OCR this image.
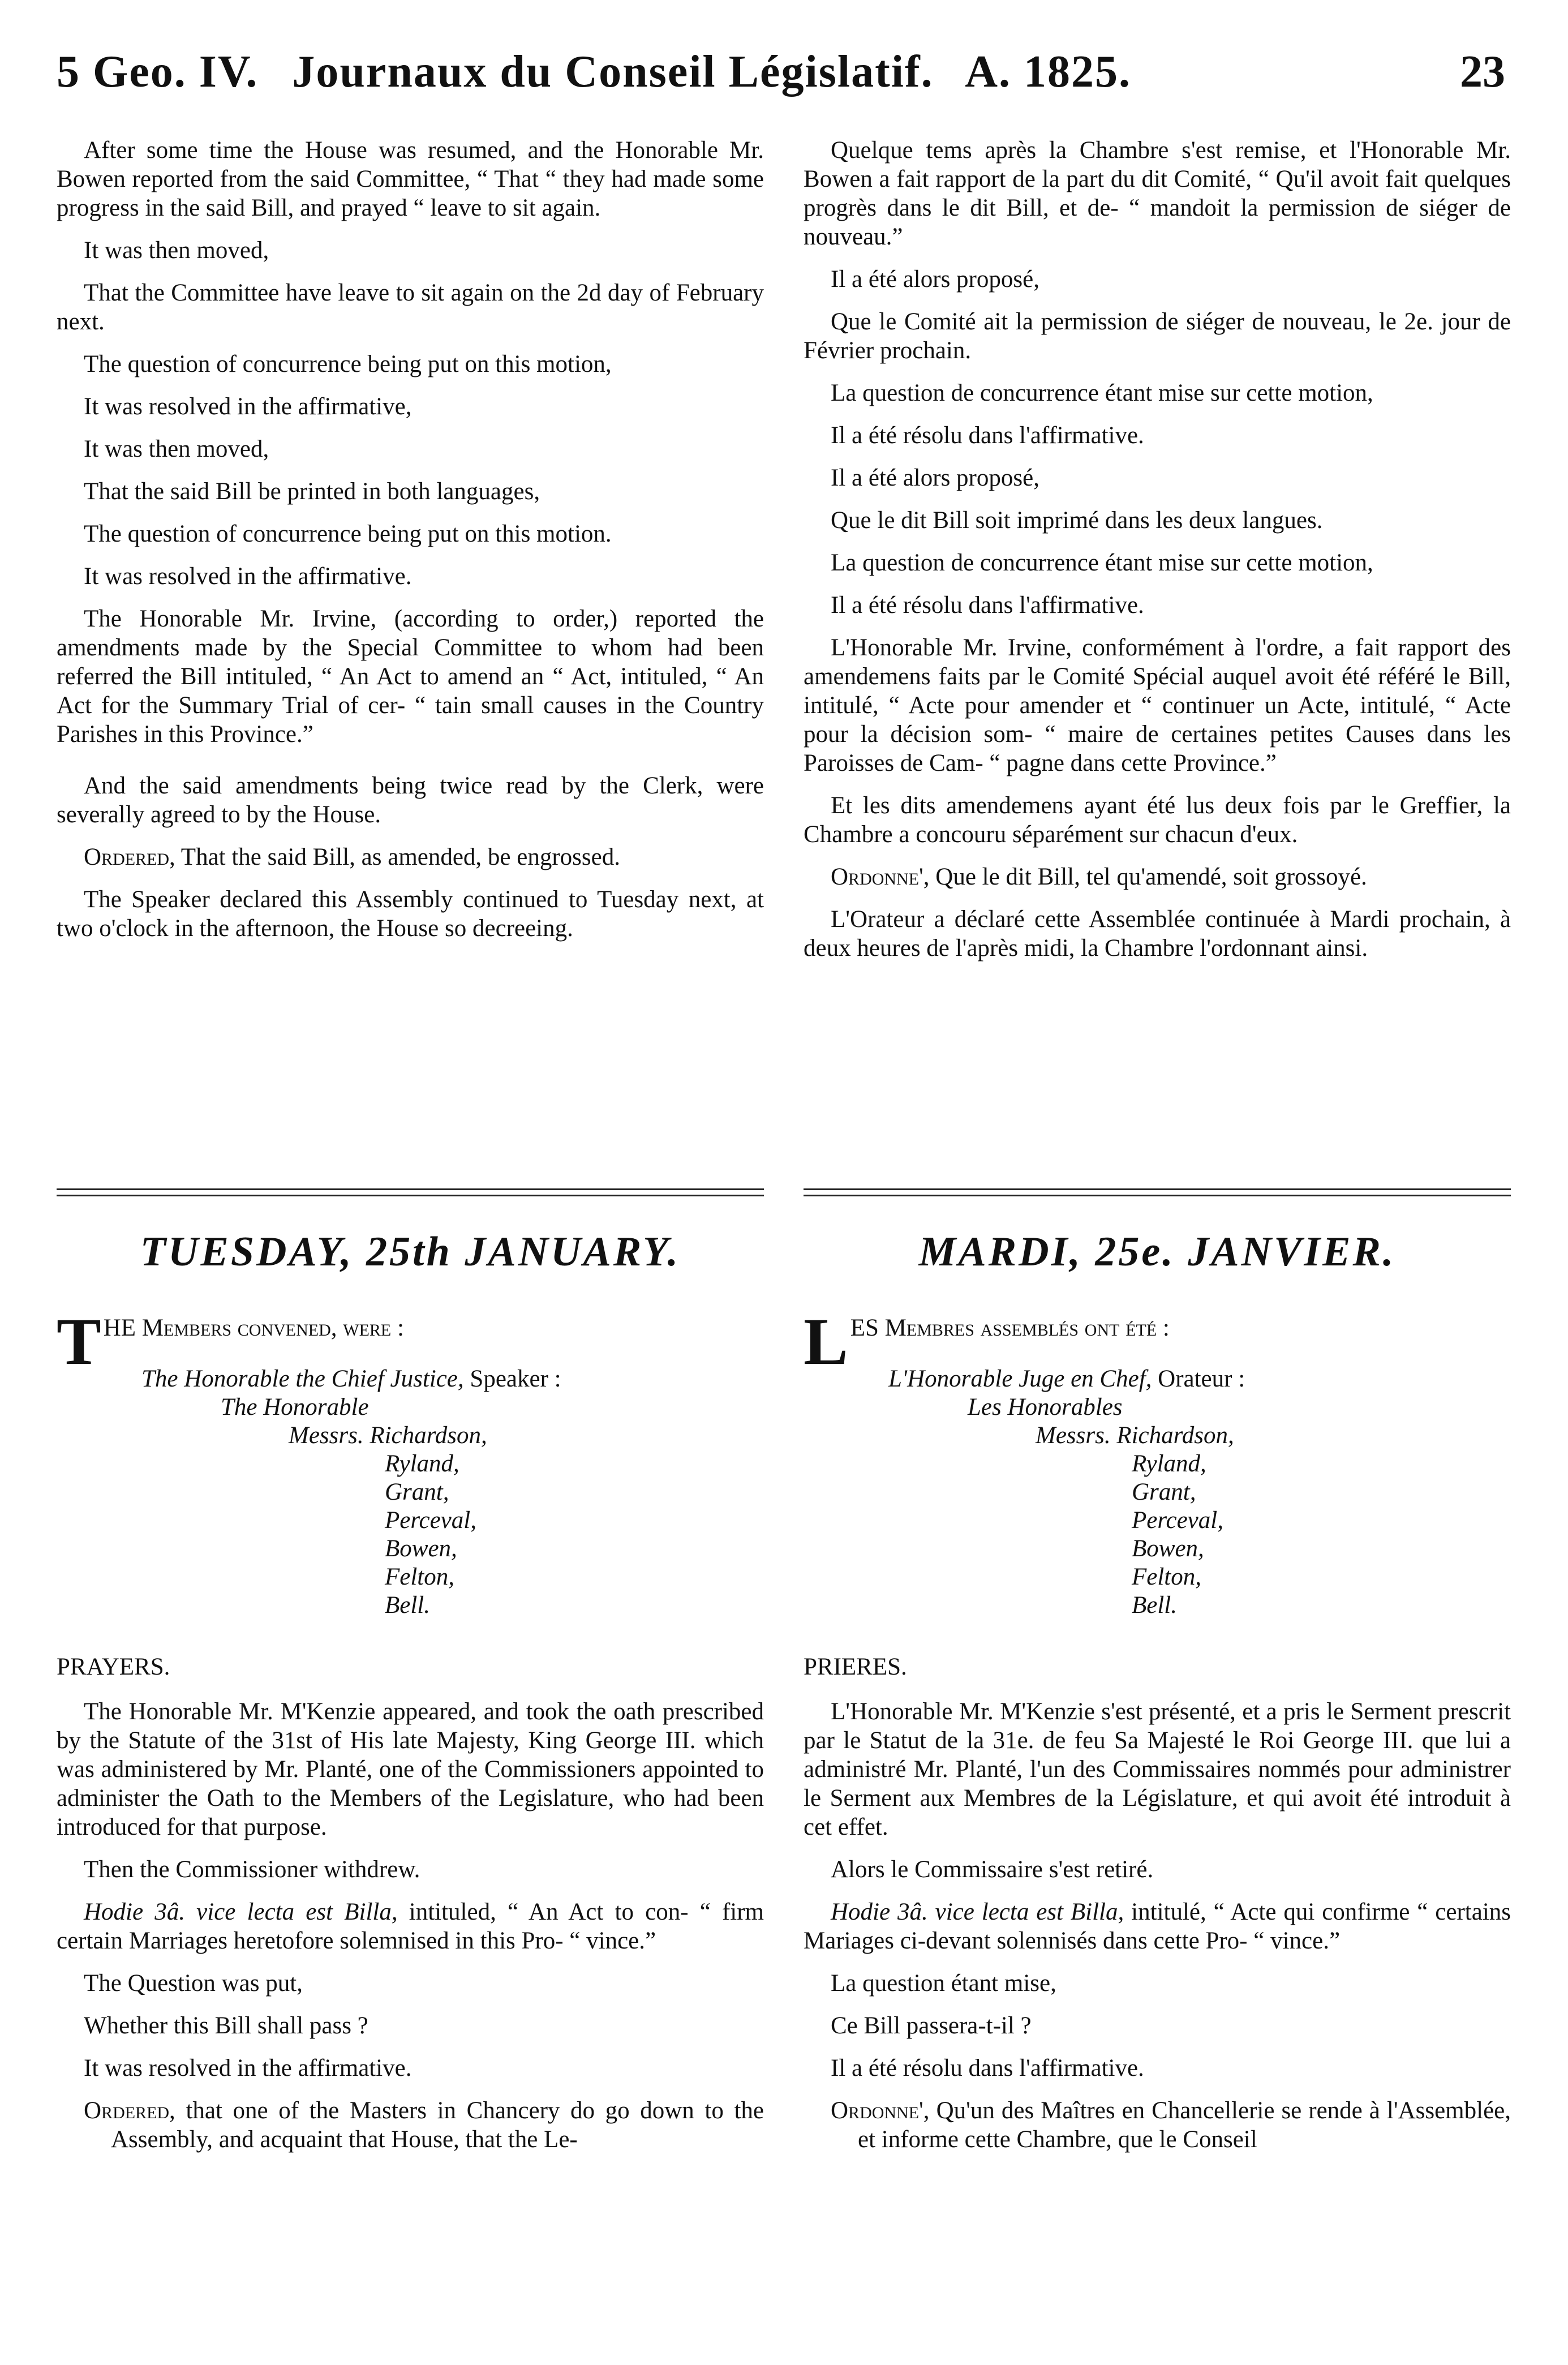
5 Geo. IV. Journaux du Conseil Législatif. A. 1825.	23

After some time the House was resumed, and the Honorable Mr. Bowen reported from the said Committee, “ That “ they had made some progress in the said Bill, and prayed “ leave to sit again.

It was then moved,

That the Committee have leave to sit again on the 2d day of February next.

The question of concurrence being put on this motion,

It was resolved in the affirmative,

It was then moved,

That the said Bill be printed in both languages,

The question of concurrence being put on this motion.

It was resolved in the affirmative.

The Honorable Mr. Irvine, (according to order,) reported the amendments made by the Special Committee to whom had been referred the Bill intituled, “ An Act to amend an “ Act, intituled, “ An Act for the Summary Trial of cer- “ tain small causes in the Country Parishes in this Province.”

And the said amendments being twice read by the Clerk, were severally agreed to by the House.

Ordered, That the said Bill, as amended, be engrossed.

The Speaker declared this Assembly continued to Tuesday next, at two o'clock in the afternoon, the House so decreeing.

Quelque tems après la Chambre s'est remise, et l'Honorable Mr. Bowen a fait rapport de la part du dit Comité, “ Qu'il avoit fait quelques progrès dans le dit Bill, et de- “ mandoit la permission de siéger de nouveau.”

Il a été alors proposé,

Que le Comité ait la permission de siéger de nouveau, le 2e. jour de Février prochain.

La question de concurrence étant mise sur cette motion,

Il a été résolu dans l'affirmative.

Il a été alors proposé,

Que le dit Bill soit imprimé dans les deux langues.

La question de concurrence étant mise sur cette motion,

Il a été résolu dans l'affirmative.

L'Honorable Mr. Irvine, conformément à l'ordre, a fait rapport des amendemens faits par le Comité Spécial auquel avoit été référé le Bill, intitulé, “ Acte pour amender et “ continuer un Acte, intitulé, “ Acte pour la décision som- “ maire de certaines petites Causes dans les Paroisses de Cam- “ pagne dans cette Province.”

Et les dits amendemens ayant été lus deux fois par le Greffier, la Chambre a concouru séparément sur chacun d'eux.

Ordonne', Que le dit Bill, tel qu'amendé, soit grossoyé.

L'Orateur a déclaré cette Assemblée continuée à Mardi prochain, à deux heures de l'après midi, la Chambre l'ordonnant ainsi.

TUESDAY, 25th JANUARY.	MARDI, 25e. JANVIER.
THE Members convened, were :
The Honorable the Chief Justice, Speaker :
The Honorable
Messrs. Richardson,
Ryland,
Grant,
Perceval,
Bowen,
Felton,
Bell.
LES Membres assemblés ont été :
L'Honorable Juge en Chef, Orateur :
Les Honorables
Messrs. Richardson,
Ryland,
Grant,
Perceval,
Bowen,
Felton,
Bell.

PRAYERS.

The Honorable Mr. M'Kenzie appeared, and took the oath prescribed by the Statute of the 31st of His late Majesty, King George III. which was administered by Mr. Planté, one of the Commissioners appointed to administer the Oath to the Members of the Legislature, who had been introduced for that purpose.

Then the Commissioner withdrew.

Hodie 3â. vice lecta est Billa, intituled, “ An Act to con- “ firm certain Marriages heretofore solemnised in this Pro- “ vince.”

The Question was put,

Whether this Bill shall pass ?

It was resolved in the affirmative.

Ordered, that one of the Masters in Chancery do go down to the Assembly, and acquaint that House, that the Le-

PRIERES.

L'Honorable Mr. M'Kenzie s'est présenté, et a pris le Serment prescrit par le Statut de la 31e. de feu Sa Majesté le Roi George III. que lui a administré Mr. Planté, l'un des Commissaires nommés pour administrer le Serment aux Membres de la Législature, et qui avoit été introduit à cet effet.

Alors le Commissaire s'est retiré.

Hodie 3â. vice lecta est Billa, intitulé, “ Acte qui confirme “ certains Mariages ci-devant solennisés dans cette Pro- “ vince.”

La question étant mise,

Ce Bill passera-t-il ?

Il a été résolu dans l'affirmative.

Ordonne', Qu'un des Maîtres en Chancellerie se rende à l'Assemblée, et informe cette Chambre, que le Conseil
